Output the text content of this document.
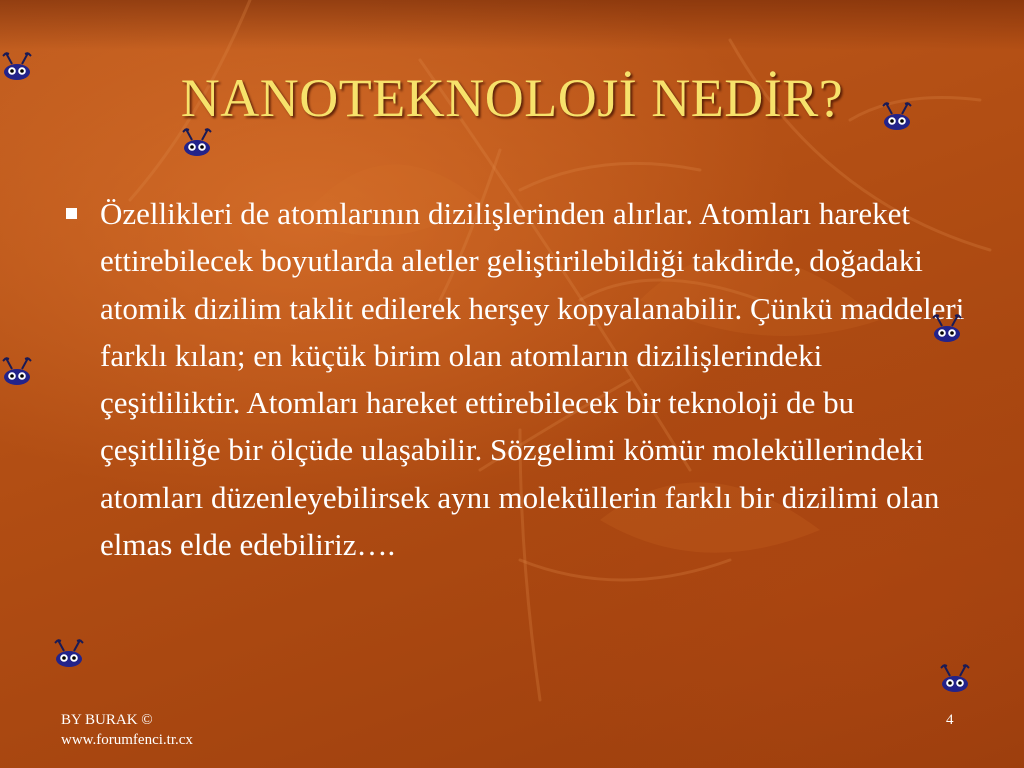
NANOTEKNOLOJİ NEDİR?
Özellikleri de atomlarının dizilişlerinden alırlar. Atomları hareket ettirebilecek boyutlarda aletler geliştirilebildiği takdirde, doğadaki atomik dizilim taklit edilerek herşey kopyalanabilir. Çünkü maddeleri farklı kılan; en küçük birim olan atomların dizilişlerindeki çeşitliliktir. Atomları hareket ettirebilecek bir teknoloji de bu çeşitliliğe bir ölçüde ulaşabilir. Sözgelimi kömür moleküllerindeki atomları düzenleyebilirsek aynı moleküllerin farklı bir dizilimi olan elmas elde edebiliriz….
BY BURAK ©
www.forumfenci.tr.cx
4
